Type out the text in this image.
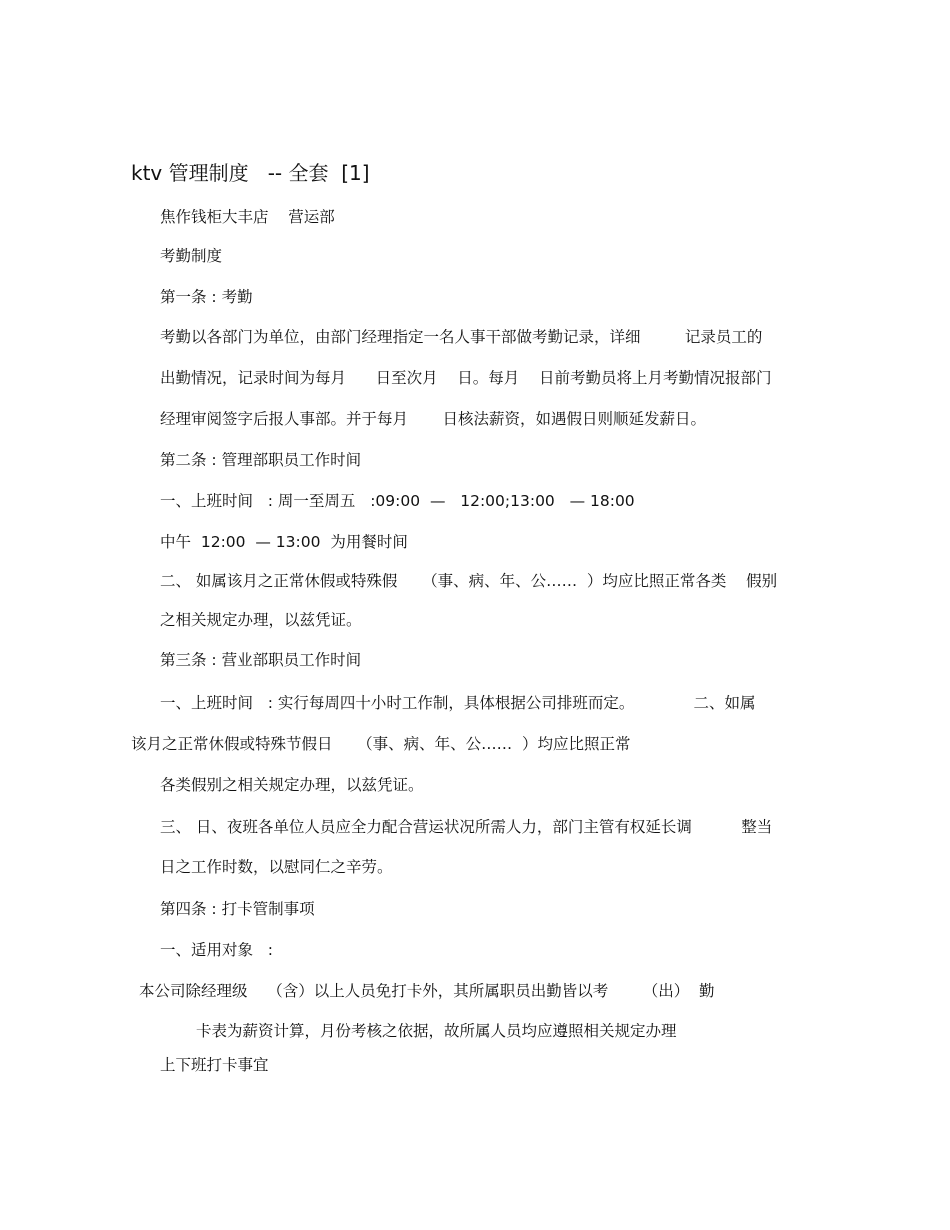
ktv 管理制度   -- 全套  [1]
焦作钱柜大丰店    营运部
考勤制度
第一条 : 考勤
考勤以各部门为单位，由部门经理指定一名人事干部做考勤记录，详细         记录员工的
出勤情况，记录时间为每月      日至次月    日。每月    日前考勤员将上月考勤情况报部门
经理审阅签字后报人事部。并于每月       日核法薪资，如遇假日则顺延发薪日。
第二条 : 管理部职员工作时间
一、上班时间   : 周一至周五   :09:00  —   12:00;13:00   — 18:00
中午  12:00  — 13:00  为用餐时间
二、 如属该月之正常休假或特殊假     （事、病、年、公……  ）均应比照正常各类    假别
之相关规定办理，以兹凭证。
第三条 : 营业部职员工作时间
一、上班时间   : 实行每周四十小时工作制，具体根据公司排班而定。            二、如属
该月之正常休假或特殊节假日     （事、病、年、公……  ）均应比照正常
各类假别之相关规定办理，以兹凭证。
三、 日、夜班各单位人员应全力配合营运状况所需人力，部门主管有权延长调          整当
日之工作时数，以慰同仁之辛劳。
第四条 : 打卡管制事项
一、适用对象   :
本公司除经理级    （含）以上人员免打卡外，其所属职员出勤皆以考       （出）  勤
卡表为薪资计算，月份考核之依据，故所属人员均应遵照相关规定办理
上下班打卡事宜
